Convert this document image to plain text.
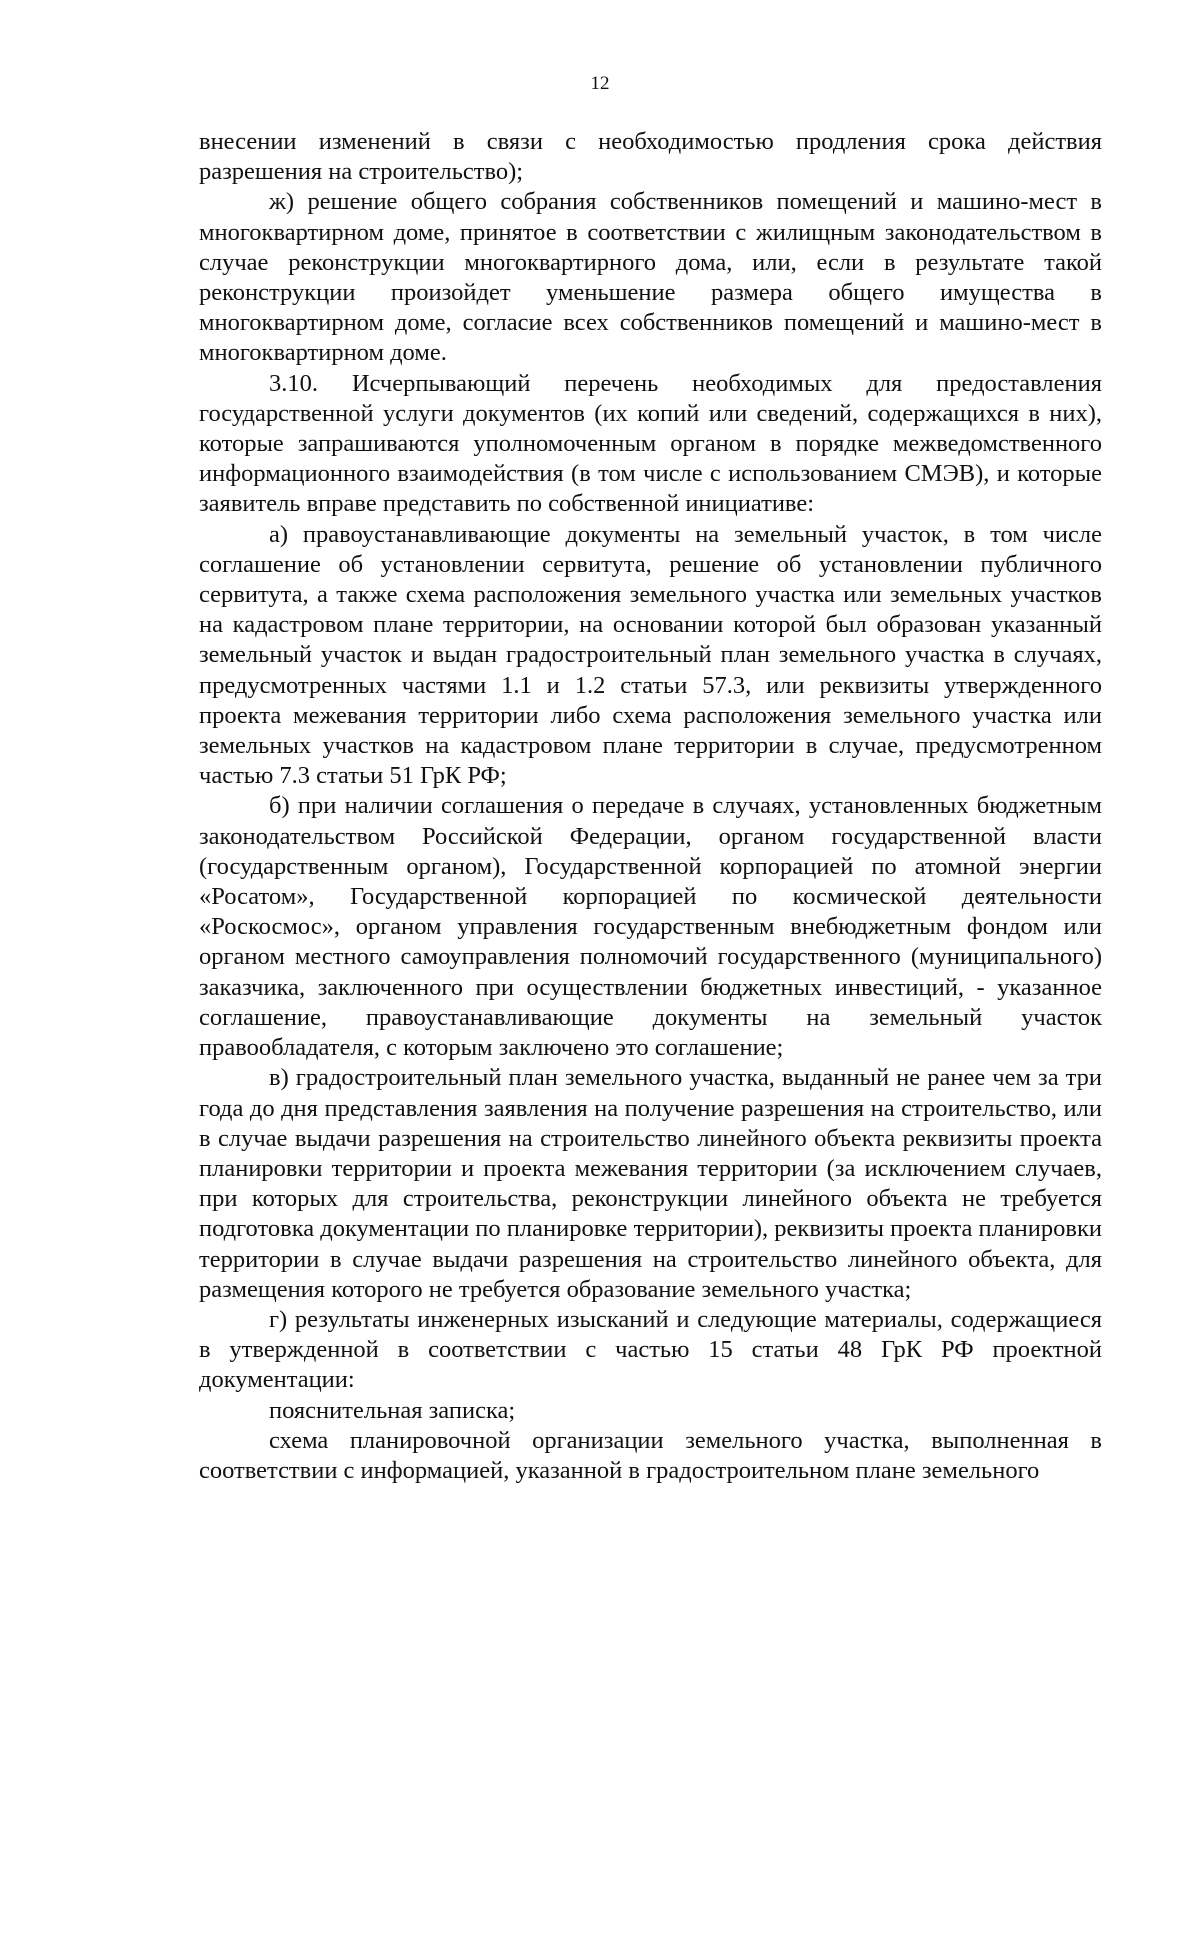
12

внесении изменений в связи с необходимостью продления срока действия разрешения на строительство);

ж) решение общего собрания собственников помещений и машино-мест в многоквартирном доме, принятое в соответствии с жилищным законодательством в случае реконструкции многоквартирного дома, или, если в результате такой реконструкции произойдет уменьшение размера общего имущества в многоквартирном доме, согласие всех собственников помещений и машино-мест в многоквартирном доме.

3.10. Исчерпывающий перечень необходимых для предоставления государственной услуги документов (их копий или сведений, содержащихся в них), которые запрашиваются уполномоченным органом в порядке межведомственного информационного взаимодействия (в том числе с использованием СМЭВ), и которые заявитель вправе представить по собственной инициативе:

а) правоустанавливающие документы на земельный участок, в том числе соглашение об установлении сервитута, решение об установлении публичного сервитута, а также схема расположения земельного участка или земельных участков на кадастровом плане территории, на основании которой был образован указанный земельный участок и выдан градостроительный план земельного участка в случаях, предусмотренных частями 1.1 и 1.2 статьи 57.3, или реквизиты утвержденного проекта межевания территории либо схема расположения земельного участка или земельных участков на кадастровом плане территории в случае, предусмотренном частью 7.3 статьи 51 ГрК РФ;

б) при наличии соглашения о передаче в случаях, установленных бюджетным законодательством Российской Федерации, органом государственной власти (государственным органом), Государственной корпорацией по атомной энергии «Росатом», Государственной корпорацией по космической деятельности «Роскосмос», органом управления государственным внебюджетным фондом или органом местного самоуправления полномочий государственного (муниципального) заказчика, заключенного при осуществлении бюджетных инвестиций, - указанное соглашение, правоустанавливающие документы на земельный участок правообладателя, с которым заключено это соглашение;

в) градостроительный план земельного участка, выданный не ранее чем за три года до дня представления заявления на получение разрешения на строительство, или в случае выдачи разрешения на строительство линейного объекта реквизиты проекта планировки территории и проекта межевания территории (за исключением случаев, при которых для строительства, реконструкции линейного объекта не требуется подготовка документации по планировке территории), реквизиты проекта планировки территории в случае выдачи разрешения на строительство линейного объекта, для размещения которого не требуется образование земельного участка;

г) результаты инженерных изысканий и следующие материалы, содержащиеся в утвержденной в соответствии с частью 15 статьи 48 ГрК РФ проектной документации:

пояснительная записка;

схема планировочной организации земельного участка, выполненная в соответствии с информацией, указанной в градостроительном плане земельного
